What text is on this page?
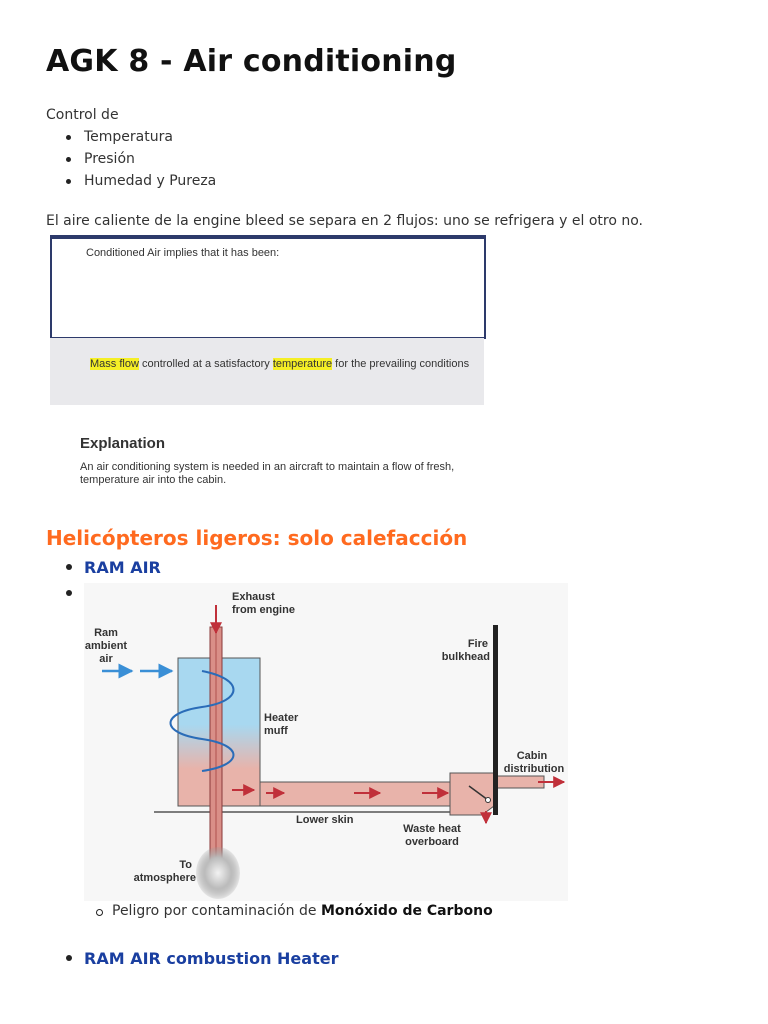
AGK 8 - Air conditioning
Control de
Temperatura
Presión
Humedad y Pureza
El aire caliente de la engine bleed se separa en 2 flujos: uno se refrigera y el otro no.
Conditioned Air implies that it has been:
Mass flow controlled at a satisfactory temperature for the prevailing conditions
Explanation
An air conditioning system is needed in an aircraft to maintain a flow of fresh, temperature air into the cabin.
Helicópteros ligeros: solo calefacción
RAM AIR
Exhaust
from engine
Ram
ambient
air
Fire
bulkhead
Heater
muff
Cabin
distribution
Lower skin
Waste heat
overboard
To
atmosphere
Peligro por contaminación de Monóxido de Carbono
RAM AIR combustion Heater
